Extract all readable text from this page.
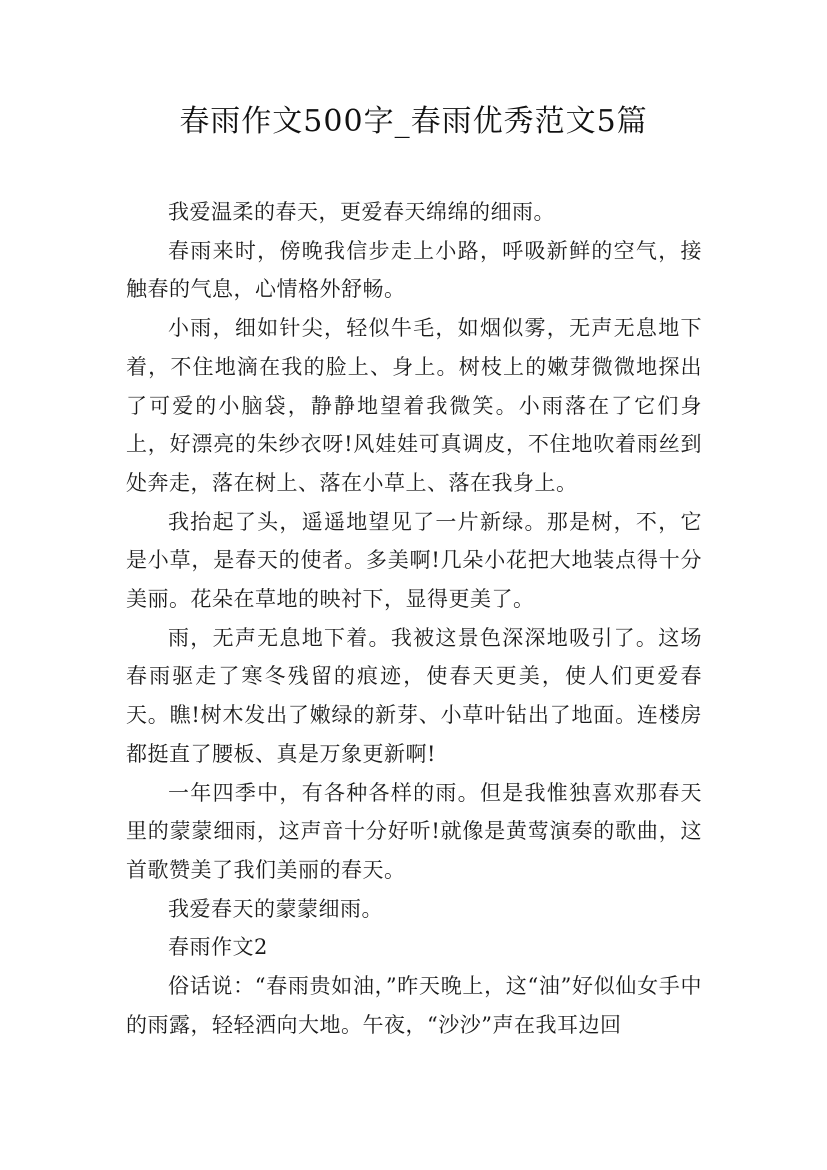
春雨作文500字_春雨优秀范文5篇

我爱温柔的春天，更爱春天绵绵的细雨。

春雨来时，傍晚我信步走上小路，呼吸新鲜的空气，接触春的气息，心情格外舒畅。

小雨，细如针尖，轻似牛毛，如烟似雾，无声无息地下着，不住地滴在我的脸上、身上。树枝上的嫩芽微微地探出了可爱的小脑袋，静静地望着我微笑。小雨落在了它们身上，好漂亮的朱纱衣呀!风娃娃可真调皮，不住地吹着雨丝到处奔走，落在树上、落在小草上、落在我身上。

我抬起了头，遥遥地望见了一片新绿。那是树，不，它是小草，是春天的使者。多美啊!几朵小花把大地装点得十分美丽。花朵在草地的映衬下，显得更美了。

雨，无声无息地下着。我被这景色深深地吸引了。这场春雨驱走了寒冬残留的痕迹，使春天更美，使人们更爱春天。瞧!树木发出了嫩绿的新芽、小草叶钻出了地面。连楼房都挺直了腰板、真是万象更新啊!

一年四季中，有各种各样的雨。但是我惟独喜欢那春天里的蒙蒙细雨，这声音十分好听!就像是黄莺演奏的歌曲，这首歌赞美了我们美丽的春天。

我爱春天的蒙蒙细雨。

春雨作文2

俗话说：“春雨贵如油，”昨天晚上，这“油”好似仙女手中的雨露，轻轻洒向大地。午夜，“沙沙”声在我耳边回
